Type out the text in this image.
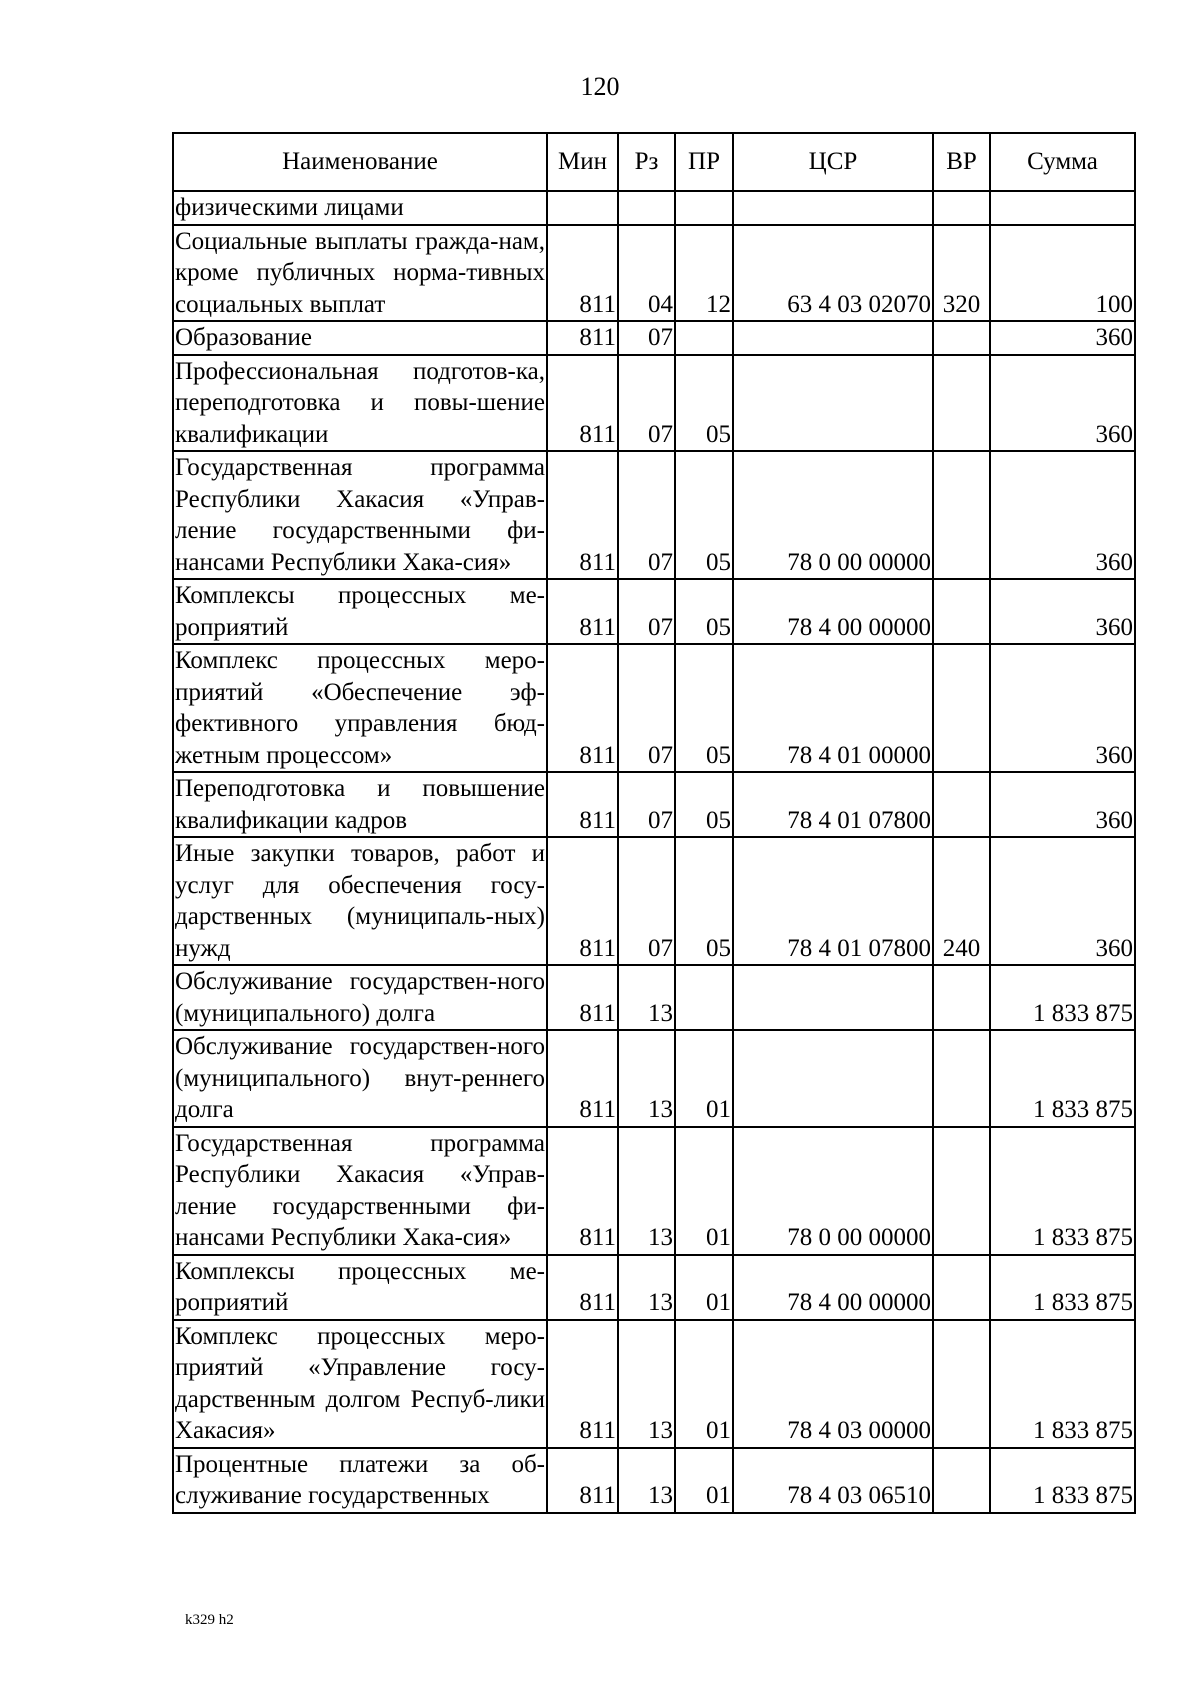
120
Наименование	Мин	Рз	ПР	ЦСР	ВР	Сумма
физическими лицами						
Социальные выплаты гражда-нам, кроме публичных норма-тивных социальных выплат	811	04	12	63 4 03 02070	320	100
Образование	811	07				360
Профессиональная подготов-ка, переподготовка и повы-шение квалификации	811	07	05			360
Государственная программа Республики Хакасия «Управ-ление государственными фи-нансами Республики Хака-сия»	811	07	05	78 0 00 00000		360
Комплексы процессных ме-роприятий	811	07	05	78 4 00 00000		360
Комплекс процессных меро-приятий «Обеспечение эф-фективного управления бюд-жетным процессом»	811	07	05	78 4 01 00000		360
Переподготовка и повышение квалификации кадров	811	07	05	78 4 01 07800		360
Иные закупки товаров, работ и услуг для обеспечения госу-дарственных (муниципаль-ных) нужд	811	07	05	78 4 01 07800	240	360
Обслуживание государствен-ного (муниципального) долга	811	13				1 833 875
Обслуживание государствен-ного (муниципального) внут-реннего долга	811	13	01			1 833 875
Государственная программа Республики Хакасия «Управ-ление государственными фи-нансами Республики Хака-сия»	811	13	01	78 0 00 00000		1 833 875
Комплексы процессных ме-роприятий	811	13	01	78 4 00 00000		1 833 875
Комплекс процессных меро-приятий «Управление госу-дарственным долгом Респуб-лики Хакасия»	811	13	01	78 4 03 00000		1 833 875
Процентные платежи за об-служивание государственных	811	13	01	78 4 03 06510		1 833 875
k329 h2
